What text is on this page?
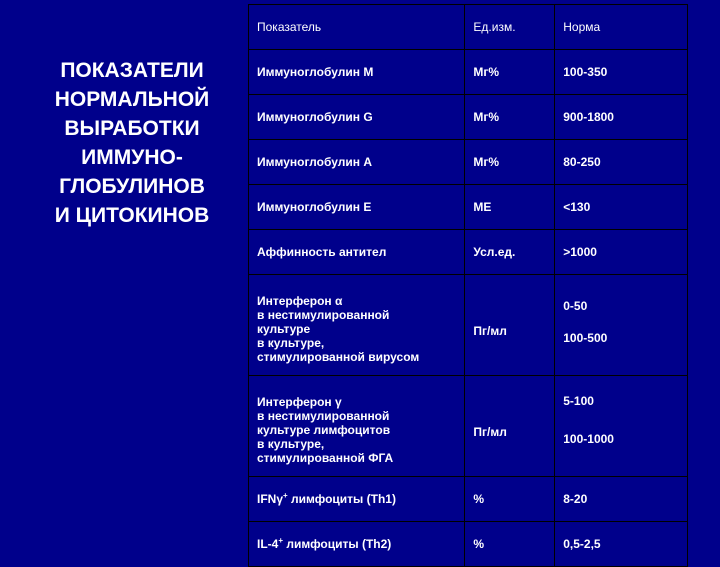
ПОКАЗАТЕЛИ
НОРМАЛЬНОЙ
ВЫРАБОТКИ
ИММУНО-
ГЛОБУЛИНОВ
И ЦИТОКИНОВ
Показатель	Ед.изм.	Норма
Иммуноглобулин М	Мг%	100-350
Иммуноглобулин G	Мг%	900-1800
Иммуноглобулин А	Мг%	80-250
Иммуноглобулин Е	МЕ	<130
Аффинность антител	Усл.ед.	>1000
Интерферон α
в нестимулированной
культуре
в культуре,
стимулированной вирусом	Пг/мл	0-50
100-500

Интерферон γ
в нестимулированной
культуре лимфоцитов
в культуре,
стимулированной ФГА	Пг/мл	5-100
100-1000

IFNγ+ лимфоциты (Th1)	%	8-20
IL-4+ лимфоциты (Th2)	%	0,5-2,5
